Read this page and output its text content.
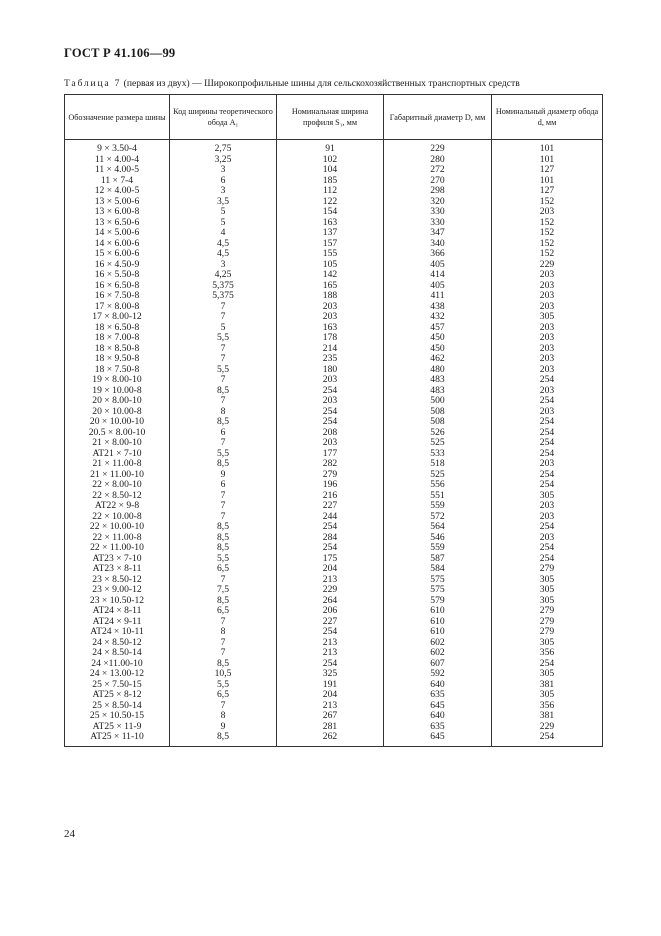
ГОСТ Р 41.106—99
Таблица 7 (первая из двух) — Широкопрофильные шины для сельскохозяйственных транспортных средств
Обозначение размера шины	Код ширины теоретического обода A₁	Номинальная ширина профиля S₁, мм	Габаритный диаметр D, мм	Номинальный диаметр обода d, мм
9 × 3.50-4	2,75	91	229	101
11 × 4.00-4	3,25	102	280	101
11 × 4.00-5	3	104	272	127
11 × 7-4	6	185	270	101
12 × 4.00-5	3	112	298	127
13 × 5.00-6	3,5	122	320	152
13 × 6.00-8	5	154	330	203
13 × 6.50-6	5	163	330	152
14 × 5.00-6	4	137	347	152
14 × 6.00-6	4,5	157	340	152
15 × 6.00-6	4,5	155	366	152
16 × 4.50-9	3	105	405	229
16 × 5.50-8	4,25	142	414	203
16 × 6.50-8	5,375	165	405	203
16 × 7.50-8	5,375	188	411	203
17 × 8.00-8	7	203	438	203
17 × 8.00-12	7	203	432	305
18 × 6.50-8	5	163	457	203
18 × 7.00-8	5,5	178	450	203
18 × 8.50-8	7	214	450	203
18 × 9.50-8	7	235	462	203
18 × 7.50-8	5,5	180	480	203
19 × 8.00-10	7	203	483	254
19 × 10.00-8	8,5	254	483	203
20 × 8.00-10	7	203	500	254
20 × 10.00-8	8	254	508	203
20 × 10.00-10	8,5	254	508	254
20.5 × 8.00-10	6	208	526	254
21 × 8.00-10	7	203	525	254
AT21 × 7-10	5,5	177	533	254
21 × 11.00-8	8,5	282	518	203
21 × 11.00-10	9	279	525	254
22 × 8.00-10	6	196	556	254
22 × 8.50-12	7	216	551	305
AT22 × 9-8	7	227	559	203
22 × 10.00-8	7	244	572	203
22 × 10.00-10	8,5	254	564	254
22 × 11.00-8	8,5	284	546	203
22 × 11.00-10	8,5	254	559	254
AT23 × 7-10	5,5	175	587	254
AT23 × 8-11	6,5	204	584	279
23 × 8.50-12	7	213	575	305
23 × 9.00-12	7,5	229	575	305
23 × 10.50-12	8,5	264	579	305
AT24 × 8-11	6,5	206	610	279
AT24 × 9-11	7	227	610	279
AT24 × 10-11	8	254	610	279
24 × 8.50-12	7	213	602	305
24 × 8.50-14	7	213	602	356
24 ×11.00-10	8,5	254	607	254
24 × 13.00-12	10,5	325	592	305
25 × 7.50-15	5,5	191	640	381
AT25 × 8-12	6,5	204	635	305
25 × 8.50-14	7	213	645	356
25 × 10.50-15	8	267	640	381
AT25 × 11-9	9	281	635	229
AT25 × 11-10	8,5	262	645	254
24
